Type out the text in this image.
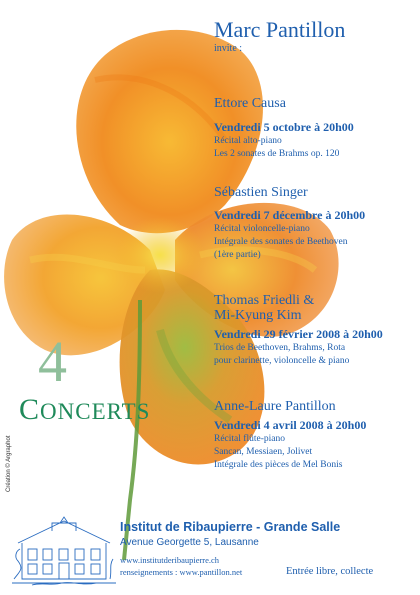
Marc Pantillon
invite :
Ettore Causa
Vendredi 5 octobre à 20h00
Récital alto-piano
Les 2 sonates de Brahms op. 120
Sébastien Singer
Vendredi 7 décembre à 20h00
Récital violoncelle-piano
Intégrale des sonates de Beethoven
(1ère partie)
Thomas Friedli &
Mi-Kyung Kim
Vendredi 29 février 2008 à 20h00
Trios de Beethoven, Brahms, Rota
pour clarinette, violoncelle & piano
Anne-Laure Pantillon
Vendredi 4 avril 2008 à 20h00
Récital flûte-piano
Sancan, Messiaen, Jolivet
Intégrale des pièces de Mel Bonis
4
CONCERTS
Création © Argraphot
Institut de Ribaupierre - Grande Salle
Avenue Georgette 5, Lausanne
www.institutderibaupierre.ch
renseignements : www.pantillon.net	Entrée libre, collecte
